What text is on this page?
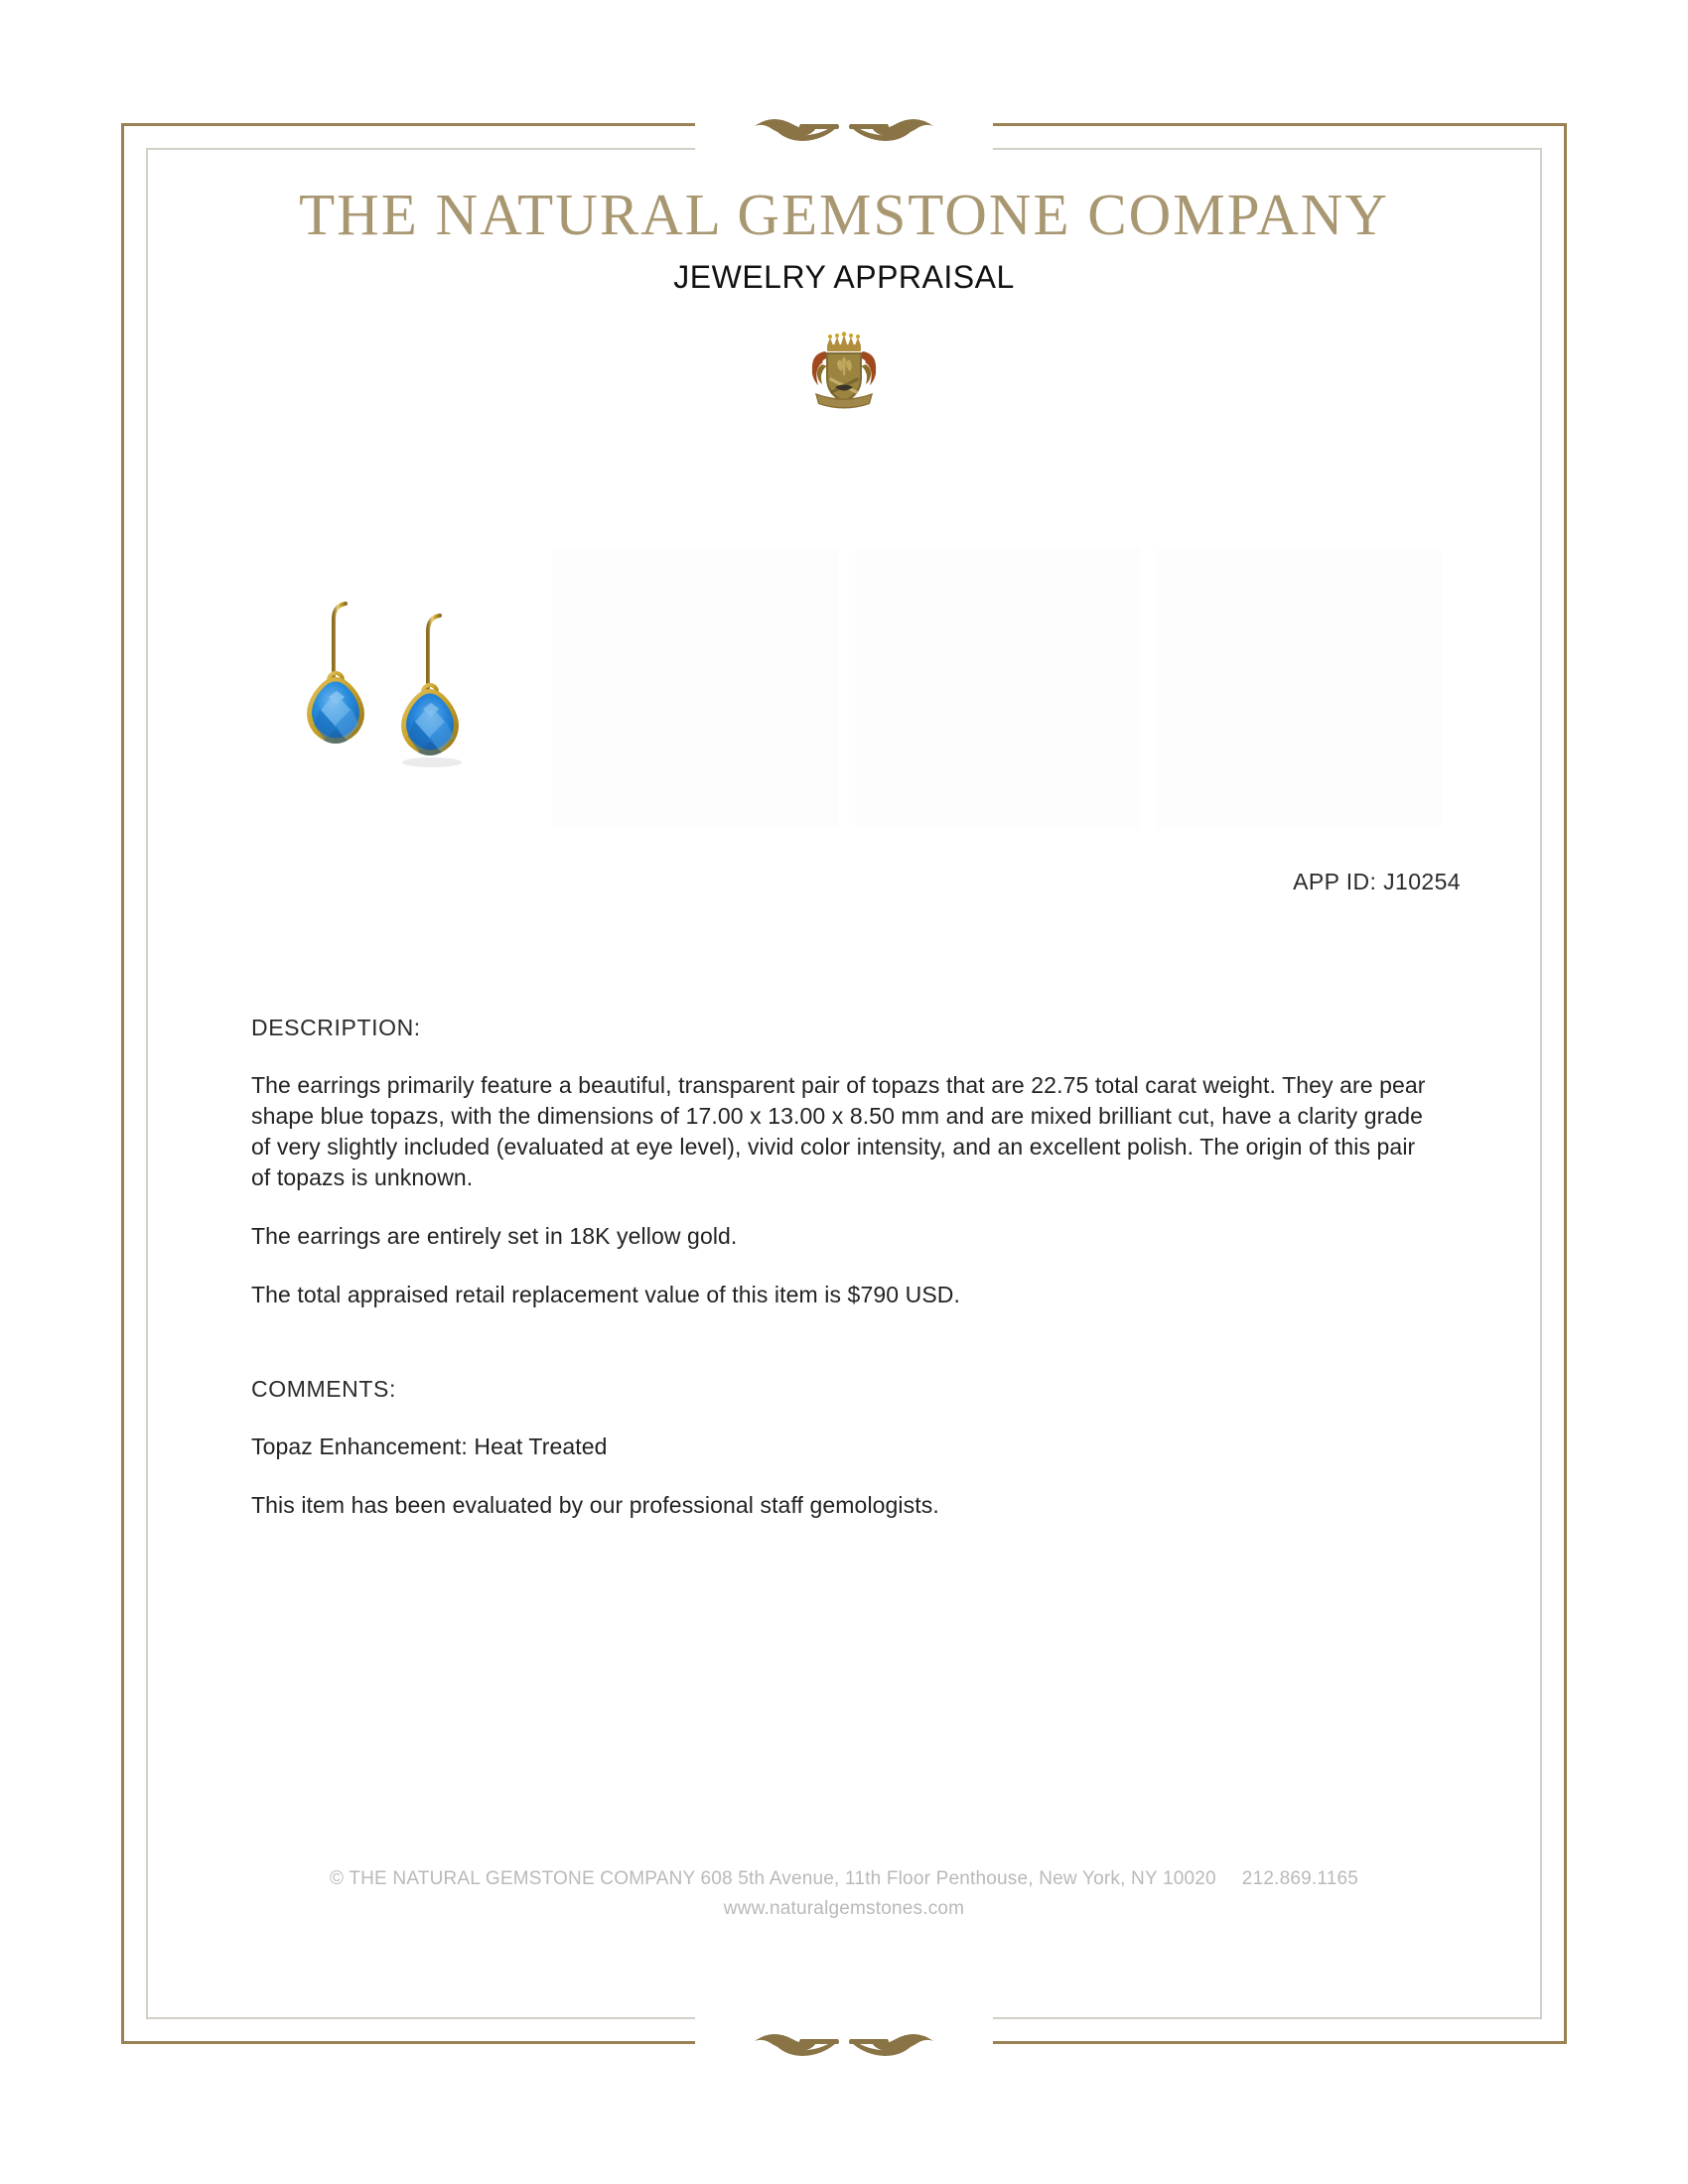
THE NATURAL GEMSTONE COMPANY
JEWELRY APPRAISAL
APP ID: J10254
DESCRIPTION:
The earrings primarily feature a beautiful, transparent pair of topazs that are 22.75 total carat weight. They are pear shape blue topazs, with the dimensions of 17.00 x 13.00 x 8.50 mm and are mixed brilliant cut, have a clarity grade of very slightly included (evaluated at eye level), vivid color intensity, and an excellent polish. The origin of this pair of topazs is unknown.
The earrings are entirely set in 18K yellow gold.
The total appraised retail replacement value of this item is $790 USD.
COMMENTS:
Topaz Enhancement: Heat Treated
This item has been evaluated by our professional staff gemologists.
© THE NATURAL GEMSTONE COMPANY 608 5th Avenue, 11th Floor Penthouse, New York, NY 10020 212.869.1165
www.naturalgemstones.com
